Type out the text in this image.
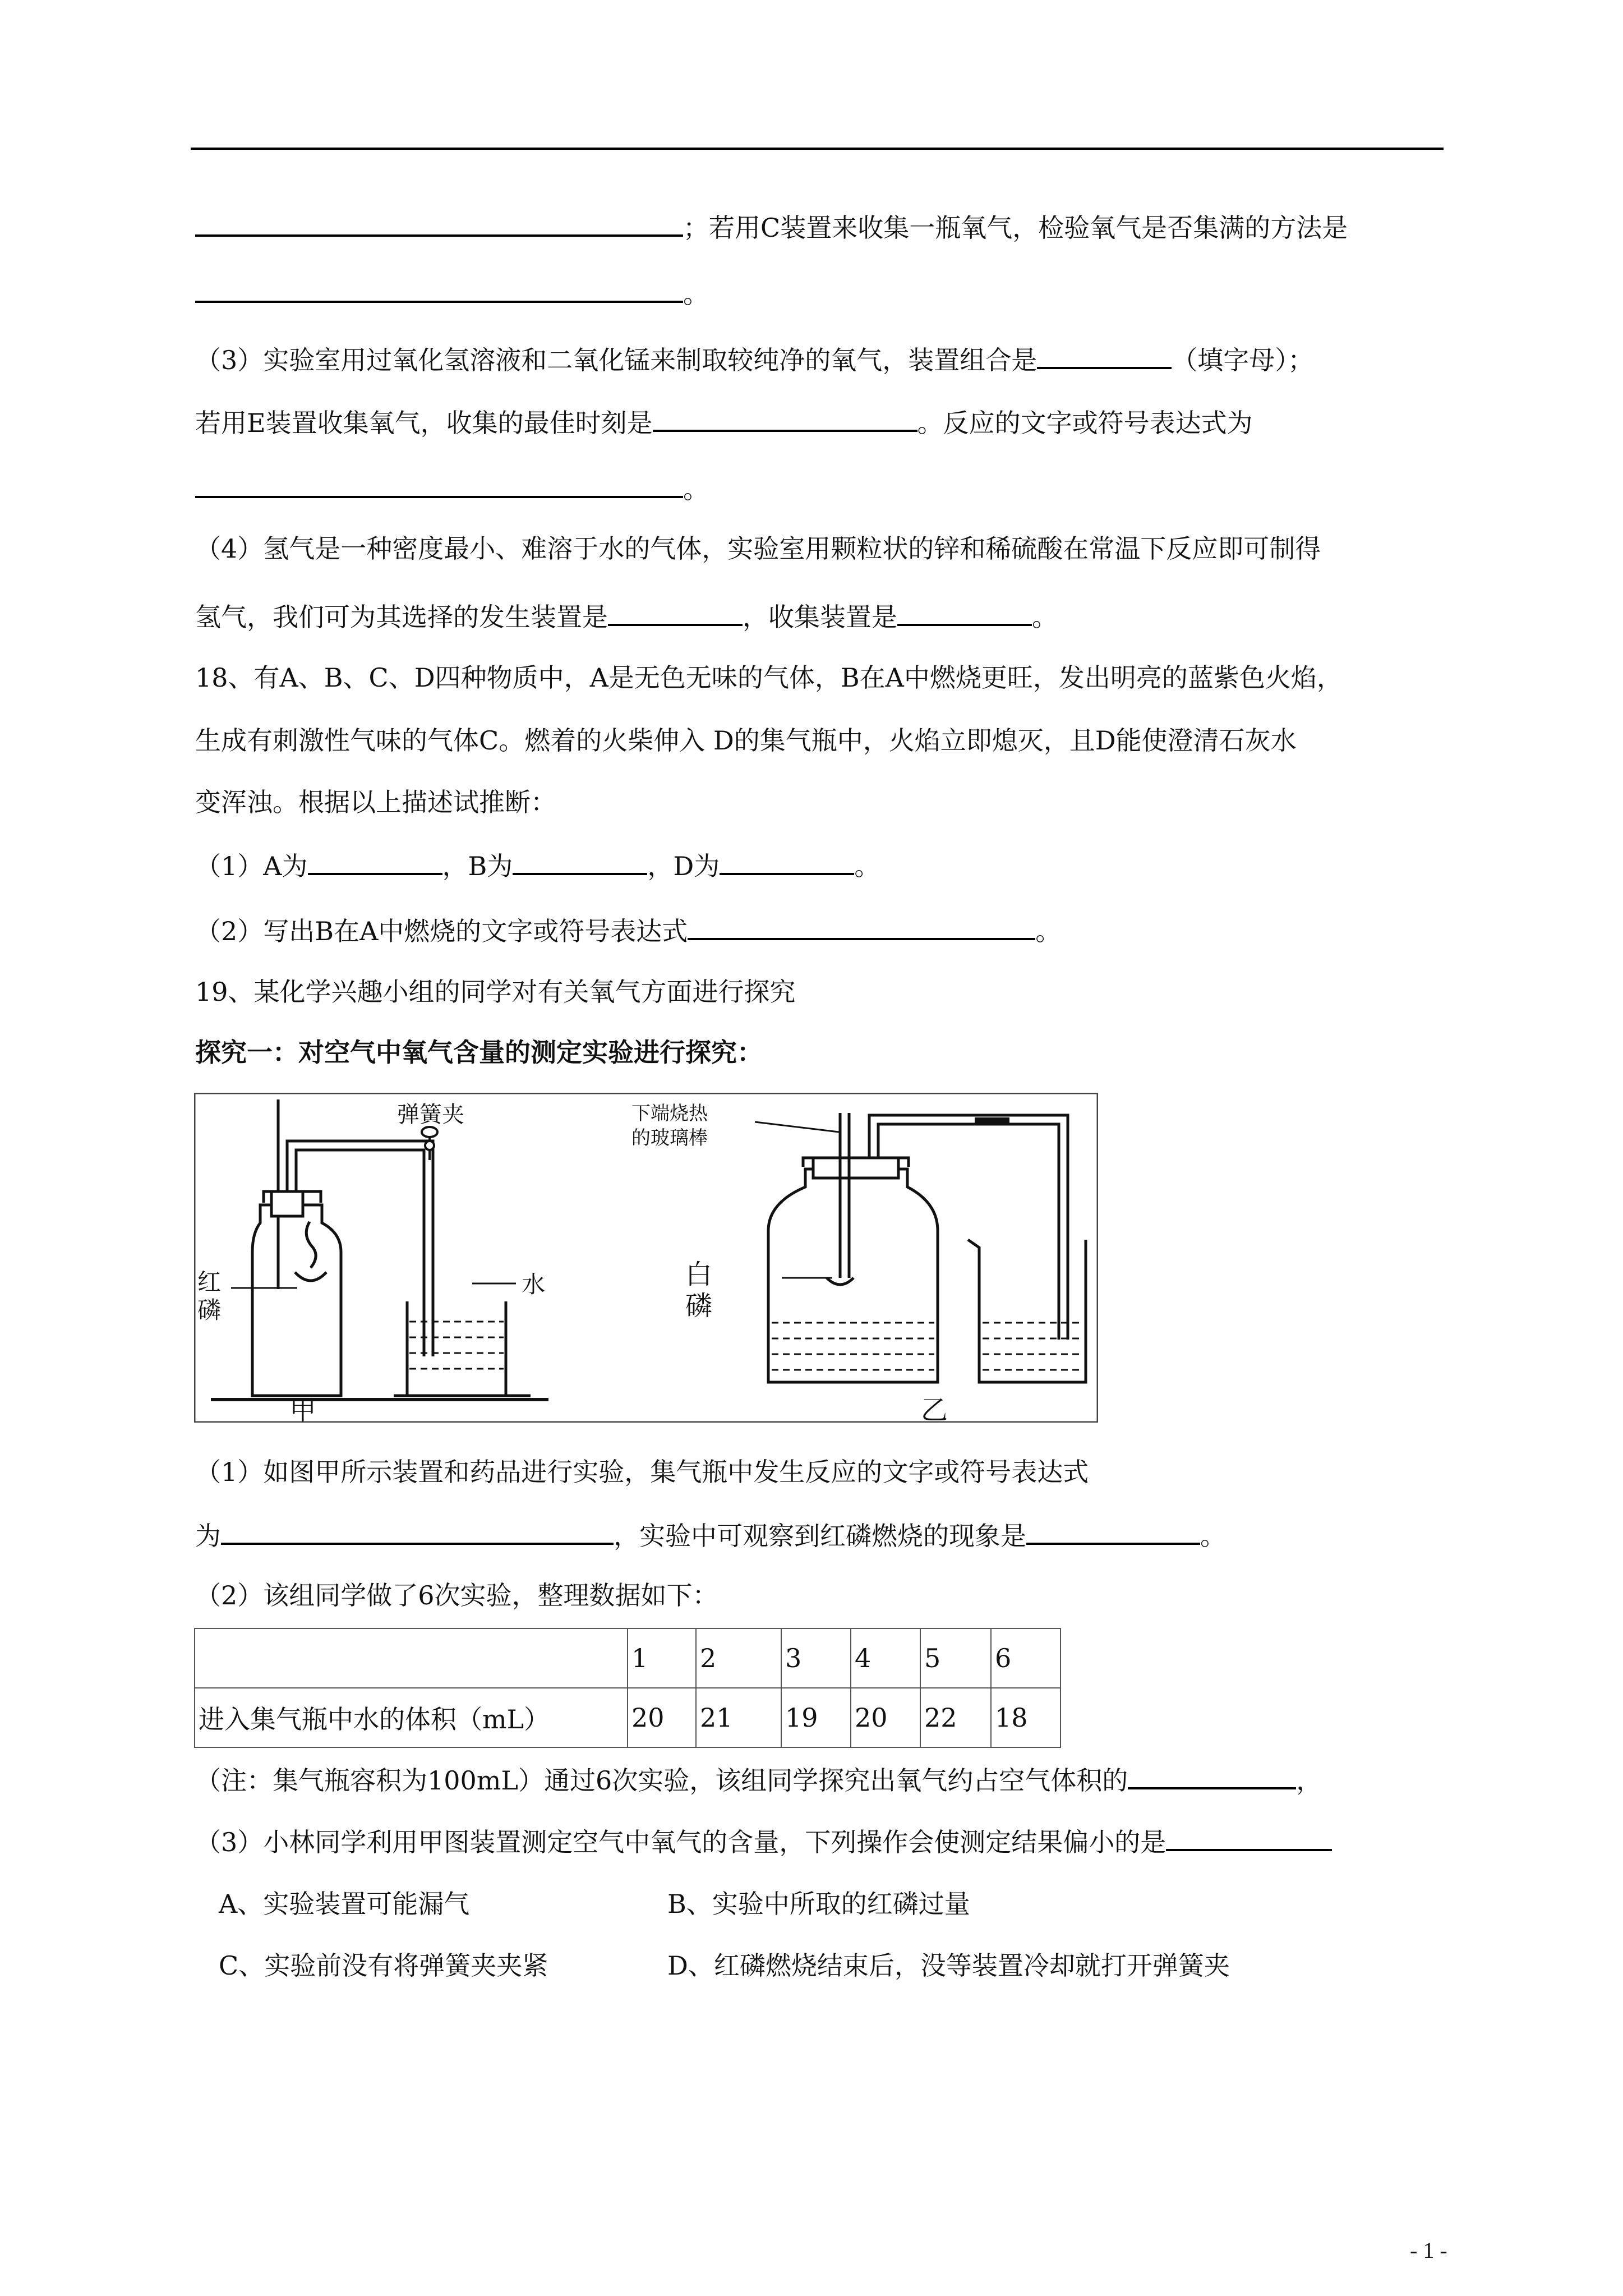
；若用C装置来收集一瓶氧气，检验氧气是否集满的方法是
。
（3）实验室用过氧化氢溶液和二氧化锰来制取较纯净的氧气，装置组合是	（填字母）；
若用E装置收集氧气，收集的最佳时刻是	。反应的文字或符号表达式为
。
（4）氢气是一种密度最小、难溶于水的气体，实验室用颗粒状的锌和稀硫酸在常温下反应即可制得
氢气，我们可为其选择的发生装置是	，收集装置是	。
18、有A、B、C、D四种物质中，A是无色无味的气体，B在A中燃烧更旺，发出明亮的蓝紫色火焰，
生成有刺激性气味的气体C。燃着的火柴伸入 D的集气瓶中，火焰立即熄灭，且D能使澄清石灰水
变浑浊。根据以上描述试推断：
（1）A为	，B为	，D为	。
（2）写出B在A中燃烧的文字或符号表达式	。
19、某化学兴趣小组的同学对有关氧气方面进行探究
探究一：对空气中氧气含量的测定实验进行探究：
弹簧夹
红
磷
水
甲
下端烧热
的玻璃棒
白
磷
乙
（1）如图甲所示装置和药品进行实验，集气瓶中发生反应的文字或符号表达式
为	，实验中可观察到红磷燃烧的现象是	。
（2）该组同学做了6次实验，整理数据如下：
	1	2	3	4	5	6
进入集气瓶中水的体积（mL）	20	21	19	20	22	18
（注：集气瓶容积为100mL）通过6次实验，该组同学探究出氧气约占空气体积的	，
（3）小林同学利用甲图装置测定空气中氧气的含量，下列操作会使测定结果偏小的是
A、实验装置可能漏气	B、实验中所取的红磷过量
C、实验前没有将弹簧夹夹紧	D、红磷燃烧结束后，没等装置冷却就打开弹簧夹
- 1 -
